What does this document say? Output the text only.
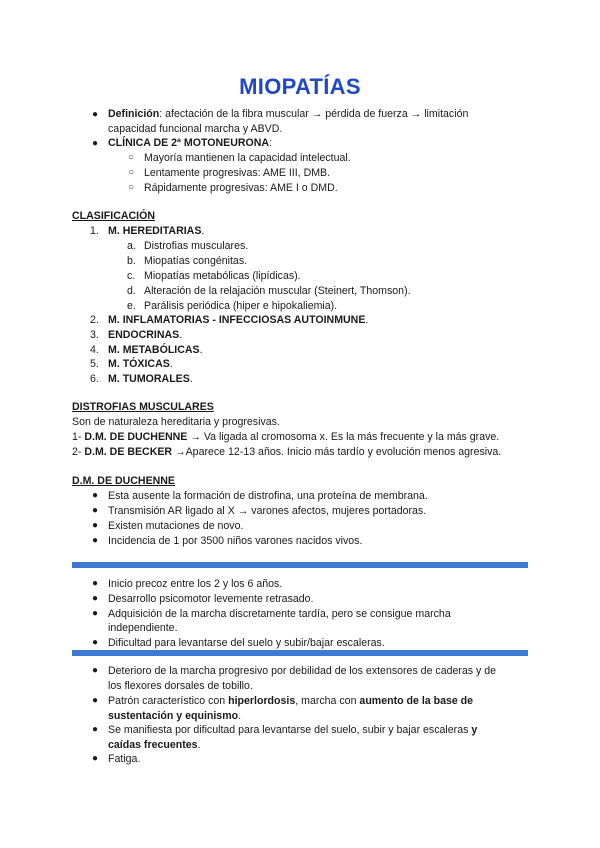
MIOPATÍAS
● Definición: afectación de la fibra muscular → pérdida de fuerza → limitación
capacidad funcional marcha y ABVD.
● CLÍNICA DE 2ª MOTONEURONA:
○ Mayoría mantienen la capacidad intelectual.
○ Lentamente progresivas: AME III, DMB.
○ Rápidamente progresivas: AME I o DMD.
CLASIFICACIÓN
1. M. HEREDITARIAS.
a. Distrofias musculares.
b. Miopatías congénitas.
c. Miopatías metabólicas (lipídicas).
d. Alteración de la relajación muscular (Steinert, Thomson).
e. Parálisis periódica (hiper e hipokaliemia).
2. M. INFLAMATORIAS - INFECCIOSAS AUTOINMUNE.
3. ENDOCRINAS.
4. M. METABÓLICAS.
5. M. TÓXICAS.
6. M. TUMORALES.
DISTROFIAS MUSCULARES
Son de naturaleza hereditaria y progresivas.
1- D.M. DE DUCHENNE → Va ligada al cromosoma x. Es la más frecuente y la más grave.
2- D.M. DE BECKER →Aparece 12-13 años. Inicio más tardío y evolución menos agresiva.
D.M. DE DUCHENNE
● Esta ausente la formación de distrofina, una proteína de membrana.
● Transmisión AR ligado al X → varones afectos, mujeres portadoras.
● Existen mutaciones de novo.
● Incidencia de 1 por 3500 niños varones nacidos vivos.
● Inicio precoz entre los 2 y los 6 años.
● Desarrollo psicomotor levemente retrasado.
● Adquisición de la marcha discretamente tardía, pero se consigue marcha
independiente.
● Dificultad para levantarse del suelo y subir/bajar escaleras.
● Deterioro de la marcha progresivo por debilidad de los extensores de caderas y de
los flexores dorsales de tobillo.
● Patrón característico con hiperlordosis, marcha con aumento de la base de
sustentación y equinismo.
● Se manifiesta por dificultad para levantarse del suelo, subir y bajar escaleras y
caídas frecuentes.
● Fatiga.
